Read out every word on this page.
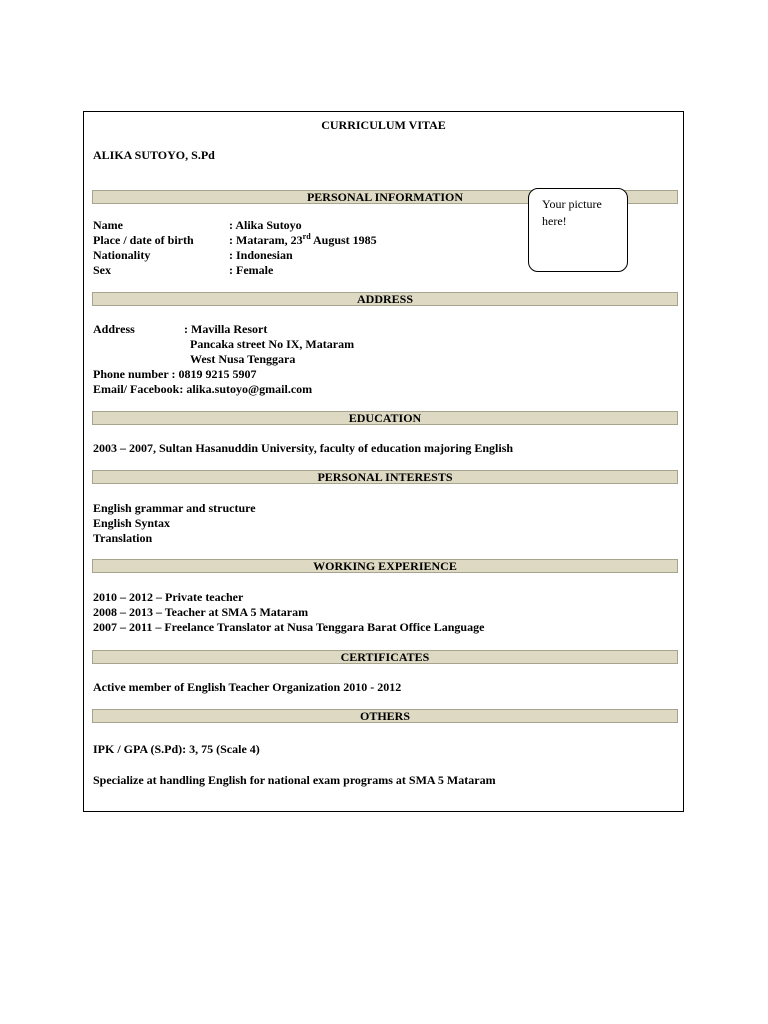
CURRICULUM VITAE
ALIKA SUTOYO, S.Pd
PERSONAL INFORMATION	Your picture here!
Name	: Alika Sutoyo
Place / date of birth	: Mataram, 23rd August 1985
Nationality	: Indonesian
Sex	: Female
ADDRESS
Address	: Mavilla Resort
Pancaka street No IX, Mataram
West Nusa Tenggara
Phone number : 0819 9215 5907
Email/ Facebook: alika.sutoyo@gmail.com
EDUCATION
2003 – 2007, Sultan Hasanuddin University, faculty of education majoring English
PERSONAL INTERESTS
English grammar and structure
English Syntax
Translation
WORKING EXPERIENCE
2010 – 2012 – Private teacher
2008 – 2013 – Teacher at SMA 5 Mataram
2007 – 2011 – Freelance Translator at Nusa Tenggara Barat Office Language
CERTIFICATES
Active member of English Teacher Organization 2010 - 2012
OTHERS
IPK / GPA (S.Pd): 3, 75 (Scale 4)
Specialize at handling English for national exam programs at SMA 5 Mataram
